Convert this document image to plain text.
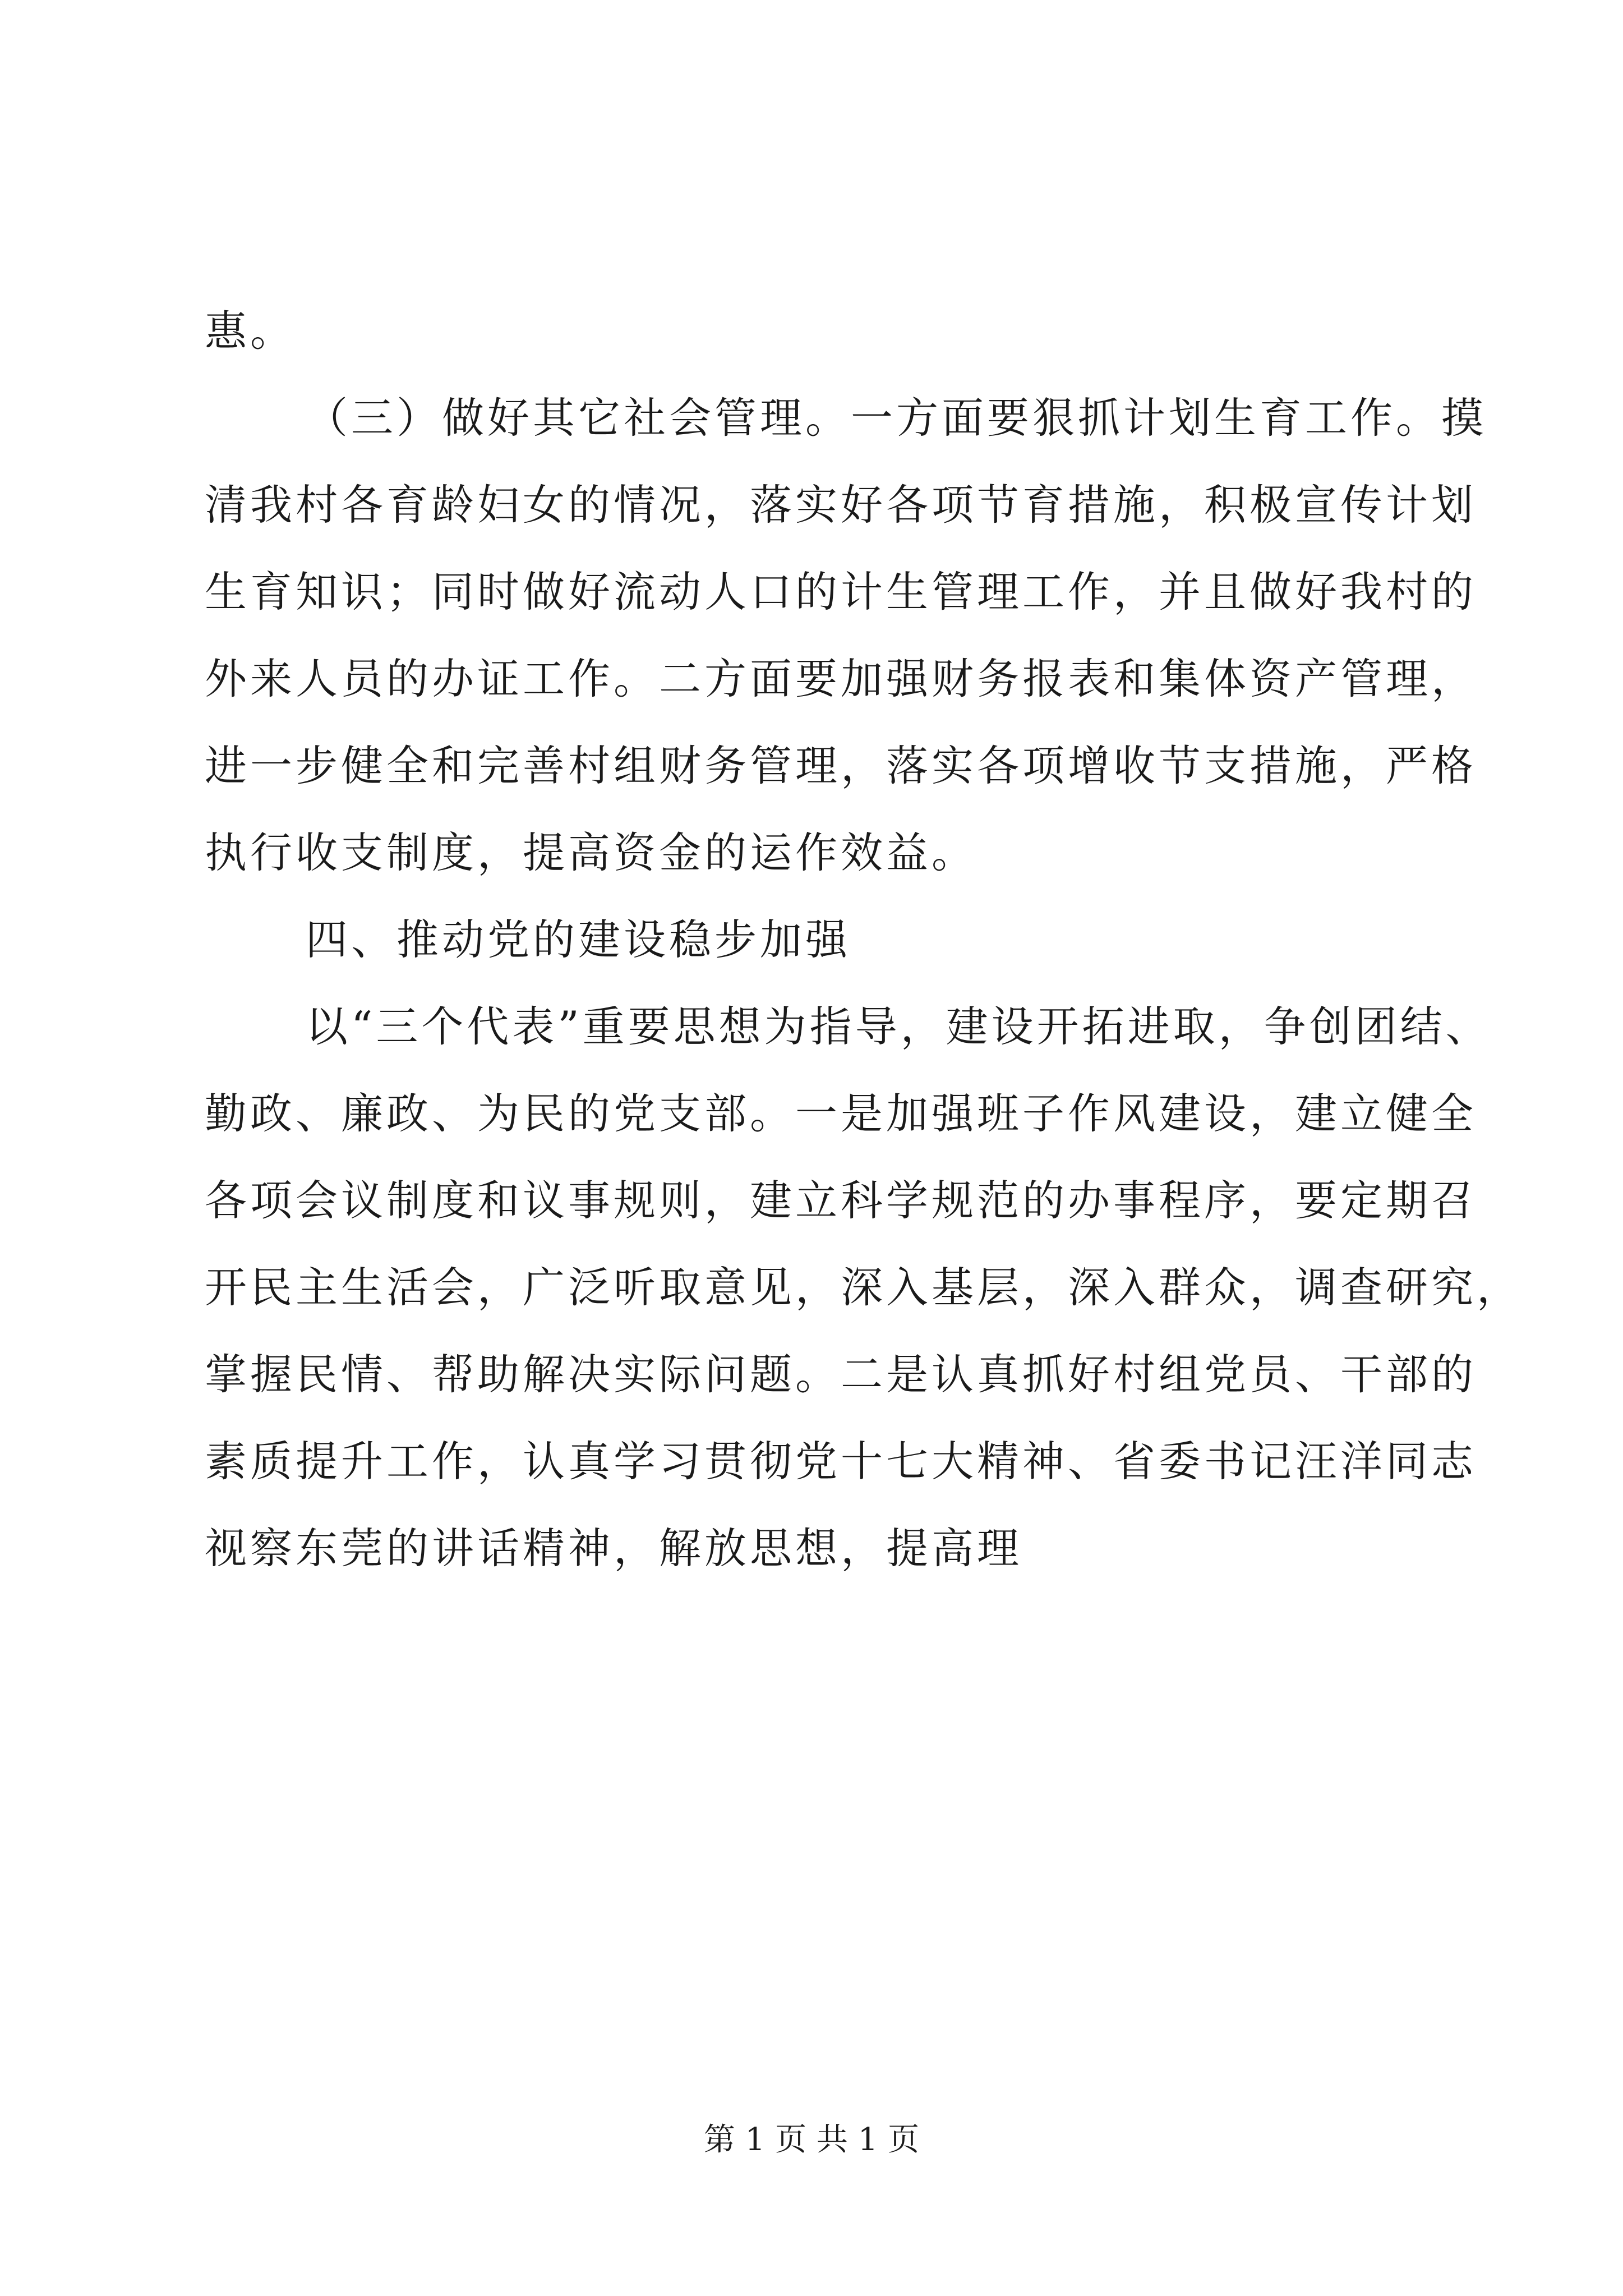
惠。
（三）做好其它社会管理。一方面要狠抓计划生育工作。摸
清我村各育龄妇女的情况，落实好各项节育措施，积极宣传计划
生育知识；同时做好流动人口的计生管理工作，并且做好我村的
外来人员的办证工作。二方面要加强财务报表和集体资产管理，
进一步健全和完善村组财务管理，落实各项增收节支措施，严格
执行收支制度，提高资金的运作效益。
四、推动党的建设稳步加强
以“三个代表”重要思想为指导，建设开拓进取，争创团结、
勤政、廉政、为民的党支部。一是加强班子作风建设，建立健全
各项会议制度和议事规则，建立科学规范的办事程序，要定期召
开民主生活会，广泛听取意见，深入基层，深入群众，调查研究，
掌握民情、帮助解决实际问题。二是认真抓好村组党员、干部的
素质提升工作，认真学习贯彻党十七大精神、省委书记汪洋同志
视察东莞的讲话精神，解放思想，提高理
第 1 页 共 1 页
